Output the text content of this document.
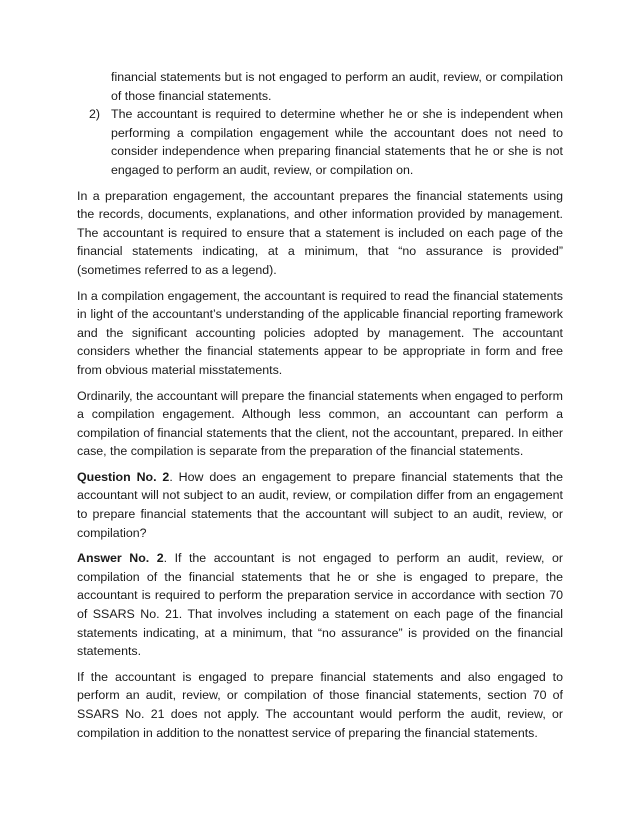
financial statements but is not engaged to perform an audit, review, or compilation of those financial statements.
2) The accountant is required to determine whether he or she is independent when performing a compilation engagement while the accountant does not need to consider independence when preparing financial statements that he or she is not engaged to perform an audit, review, or compilation on.

In a preparation engagement, the accountant prepares the financial statements using the records, documents, explanations, and other information provided by management. The accountant is required to ensure that a statement is included on each page of the financial statements indicating, at a minimum, that “no assurance is provided” (sometimes referred to as a legend).

In a compilation engagement, the accountant is required to read the financial statements in light of the accountant’s understanding of the applicable financial reporting framework and the significant accounting policies adopted by management. The accountant considers whether the financial statements appear to be appropriate in form and free from obvious material misstatements.

Ordinarily, the accountant will prepare the financial statements when engaged to perform a compilation engagement. Although less common, an accountant can perform a compilation of financial statements that the client, not the accountant, prepared. In either case, the compilation is separate from the preparation of the financial statements.

Question No. 2. How does an engagement to prepare financial statements that the accountant will not subject to an audit, review, or compilation differ from an engagement to prepare financial statements that the accountant will subject to an audit, review, or compilation?

Answer No. 2. If the accountant is not engaged to perform an audit, review, or compilation of the financial statements that he or she is engaged to prepare, the accountant is required to perform the preparation service in accordance with section 70 of SSARS No. 21. That involves including a statement on each page of the financial statements indicating, at a minimum, that “no assurance” is provided on the financial statements.

If the accountant is engaged to prepare financial statements and also engaged to perform an audit, review, or compilation of those financial statements, section 70 of SSARS No. 21 does not apply. The accountant would perform the audit, review, or compilation in addition to the nonattest service of preparing the financial statements.
